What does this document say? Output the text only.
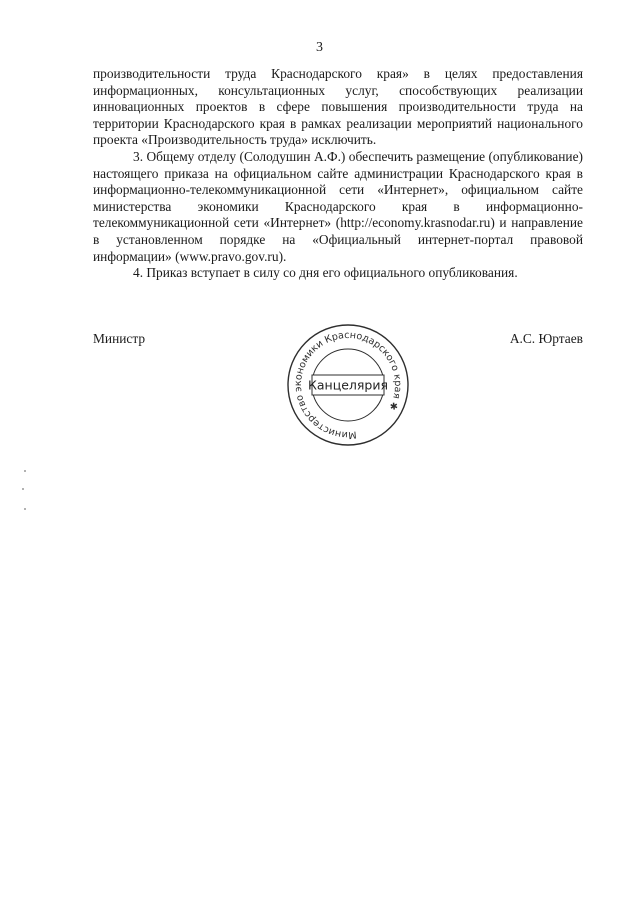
3

производительности труда Краснодарского края» в целях предоставления информационных, консультационных услуг, способствующих реализации инновационных проектов в сфере повышения производительности труда на территории Краснодарского края в рамках реализации мероприятий национального проекта «Производительность труда» исключить.

3. Общему отделу (Солодушин А.Ф.) обеспечить размещение (опубликование) настоящего приказа на официальном сайте администрации Краснодарского края в информационно-телекоммуникационной сети «Интернет», официальном сайте министерства экономики Краснодарского края в информационно-телекоммуникационной сети «Интернет» (http://economy.krasnodar.ru) и направление в установленном порядке на «Официальный интернет-портал правовой информации» (www.pravo.gov.ru).

4. Приказ вступает в силу со дня его официального опубликования.

Министр	А.С. Юртаев
Министерство экономики Краснодарского края ✱
Канцелярия
